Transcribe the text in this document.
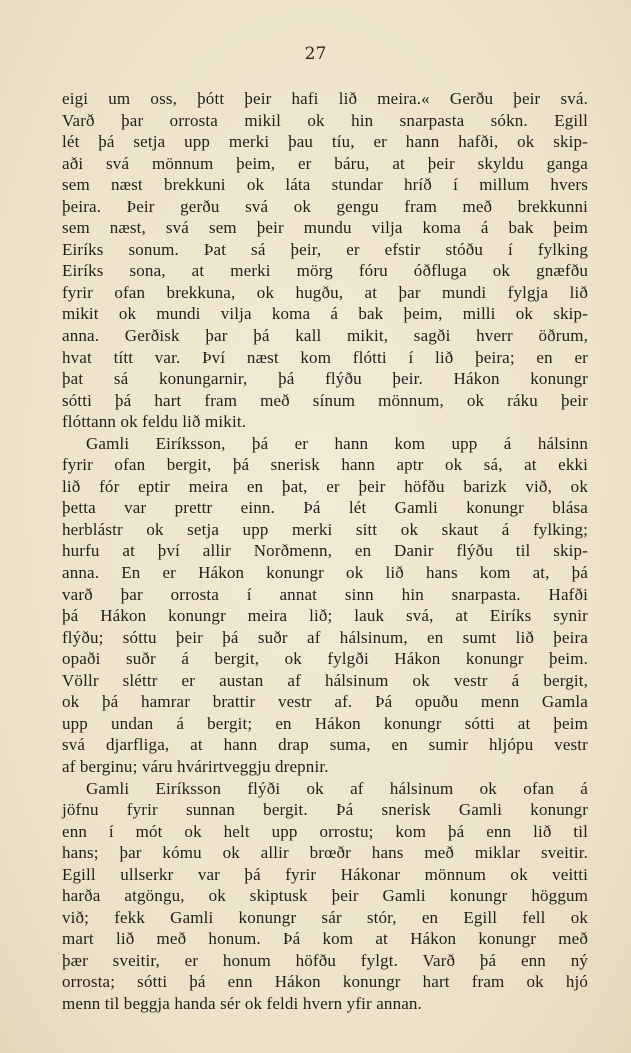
27
eigi um oss, þótt þeir hafi lið meira.« Gerðu þeir svá.
Varð þar orrosta mikil ok hin snarpasta sókn. Egill
lét þá setja upp merki þau tíu, er hann hafði, ok skip-
aði svá mönnum þeim, er báru, at þeir skyldu ganga
sem næst brekkuni ok láta stundar hríð í millum hvers
þeira. Þeir gerðu svá ok gengu fram með brekkunni
sem næst, svá sem þeir mundu vilja koma á bak þeim
Eiríks sonum. Þat sá þeir, er efstir stóðu í fylking
Eiríks sona, at merki mörg fóru óðfluga ok gnæfðu
fyrir ofan brekkuna, ok hugðu, at þar mundi fylgja lið
mikit ok mundi vilja koma á bak þeim, milli ok skip-
anna. Gerðisk þar þá kall mikit, sagði hverr öðrum,
hvat títt var. Því næst kom flótti í lið þeira; en er
þat sá konungarnir, þá flýðu þeir. Hákon konungr
sótti þá hart fram með sínum mönnum, ok ráku þeir
flóttann ok feldu lið mikit.
Gamli Eiríksson, þá er hann kom upp á hálsinn
fyrir ofan bergit, þá snerisk hann aptr ok sá, at ekki
lið fór eptir meira en þat, er þeir höfðu barizk við, ok
þetta var prettr einn. Þá lét Gamli konungr blása
herblástr ok setja upp merki sitt ok skaut á fylking;
hurfu at því allir Norðmenn, en Danir flýðu til skip-
anna. En er Hákon konungr ok lið hans kom at, þá
varð þar orrosta í annat sinn hin snarpasta. Hafði
þá Hákon konungr meira lið; lauk svá, at Eiríks synir
flýðu; sóttu þeir þá suðr af hálsinum, en sumt lið þeira
opaði suðr á bergit, ok fylgði Hákon konungr þeim.
Völlr sléttr er austan af hálsinum ok vestr á bergit,
ok þá hamrar brattir vestr af. Þá opuðu menn Gamla
upp undan á bergit; en Hákon konungr sótti at þeim
svá djarfliga, at hann drap suma, en sumir hljópu vestr
af berginu; váru hvárirtveggju drepnir.
Gamli Eiríksson flýði ok af hálsinum ok ofan á
jöfnu fyrir sunnan bergit. Þá snerisk Gamli konungr
enn í mót ok helt upp orrostu; kom þá enn lið til
hans; þar kómu ok allir brœðr hans með miklar sveitir.
Egill ullserkr var þá fyrir Hákonar mönnum ok veitti
harða atgöngu, ok skiptusk þeir Gamli konungr höggum
við; fekk Gamli konungr sár stór, en Egill fell ok
mart lið með honum. Þá kom at Hákon konungr með
þær sveitir, er honum höfðu fylgt. Varð þá enn ný
orrosta; sótti þá enn Hákon konungr hart fram ok hjó
menn til beggja handa sér ok feldi hvern yfir annan.
